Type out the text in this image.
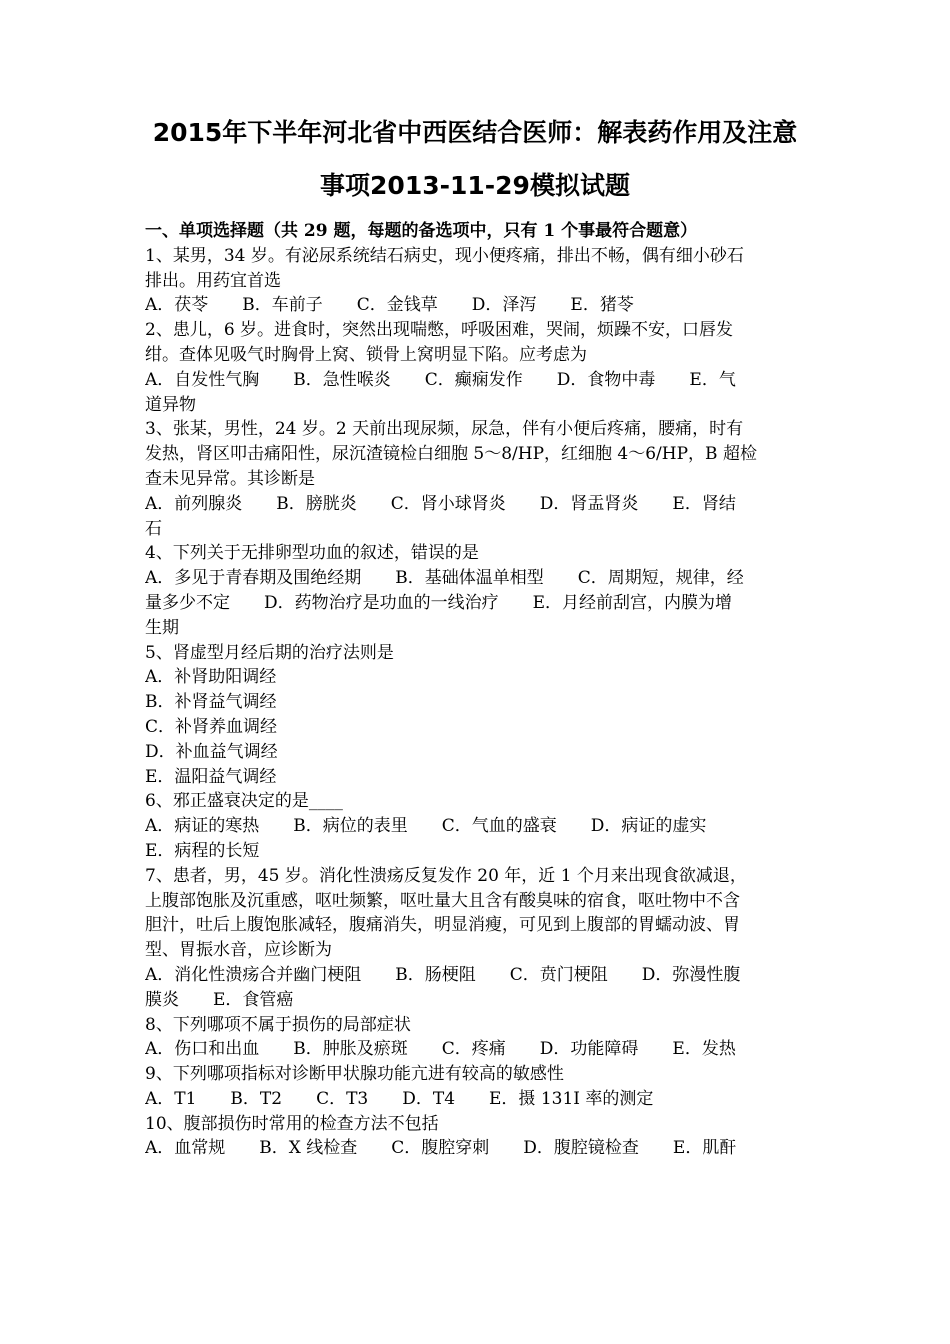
2015年下半年河北省中西医结合医师：解表药作用及注意
事项2013-11-29模拟试题
一、单项选择题（共 29 题，每题的备选项中，只有 1 个事最符合题意）
1、某男，34 岁。有泌尿系统结石病史，现小便疼痛，排出不畅，偶有细小砂石
排出。用药宜首选
A．茯苓　　B．车前子　　C．金钱草　　D．泽泻　　E．猪苓
2、患儿，6 岁。进食时，突然出现喘憋，呼吸困难，哭闹，烦躁不安，口唇发
绀。查体见吸气时胸骨上窝、锁骨上窝明显下陷。应考虑为
A．自发性气胸　　B．急性喉炎　　C．癫痫发作　　D．食物中毒　　E．气
道异物
3、张某，男性，24 岁。2 天前出现尿频，尿急，伴有小便后疼痛，腰痛，时有
发热，肾区叩击痛阳性，尿沉渣镜检白细胞 5～8/HP，红细胞 4～6/HP，B 超检
查未见异常。其诊断是
A．前列腺炎　　B．膀胱炎　　C．肾小球肾炎　　D．肾盂肾炎　　E．肾结
石
4、下列关于无排卵型功血的叙述，错误的是
A．多见于青春期及围绝经期　　B．基础体温单相型　　C．周期短，规律，经
量多少不定　　D．药物治疗是功血的一线治疗　　E．月经前刮宫，内膜为增
生期
5、肾虚型月经后期的治疗法则是
A．补肾助阳调经
B．补肾益气调经
C．补肾养血调经
D．补血益气调经
E．温阳益气调经
6、邪正盛衰决定的是____
A．病证的寒热　　B．病位的表里　　C．气血的盛衰　　D．病证的虚实
E．病程的长短
7、患者，男，45 岁。消化性溃疡反复发作 20 年，近 1 个月来出现食欲减退，
上腹部饱胀及沉重感，呕吐频繁，呕吐量大且含有酸臭味的宿食，呕吐物中不含
胆汁，吐后上腹饱胀减轻，腹痛消失，明显消瘦，可见到上腹部的胃蠕动波、胃
型、胃振水音，应诊断为
A．消化性溃疡合并幽门梗阻　　B．肠梗阻　　C．贲门梗阻　　D．弥漫性腹
膜炎　　E．食管癌
8、下列哪项不属于损伤的局部症状
A．伤口和出血　　B．肿胀及瘀斑　　C．疼痛　　D．功能障碍　　E．发热
9、下列哪项指标对诊断甲状腺功能亢进有较高的敏感性
A．T1　　B．T2　　C．T3　　D．T4　　E．摄 131I 率的测定
10、腹部损伤时常用的检查方法不包括
A．血常规　　B．X 线检查　　C．腹腔穿刺　　D．腹腔镜检查　　E．肌酐
